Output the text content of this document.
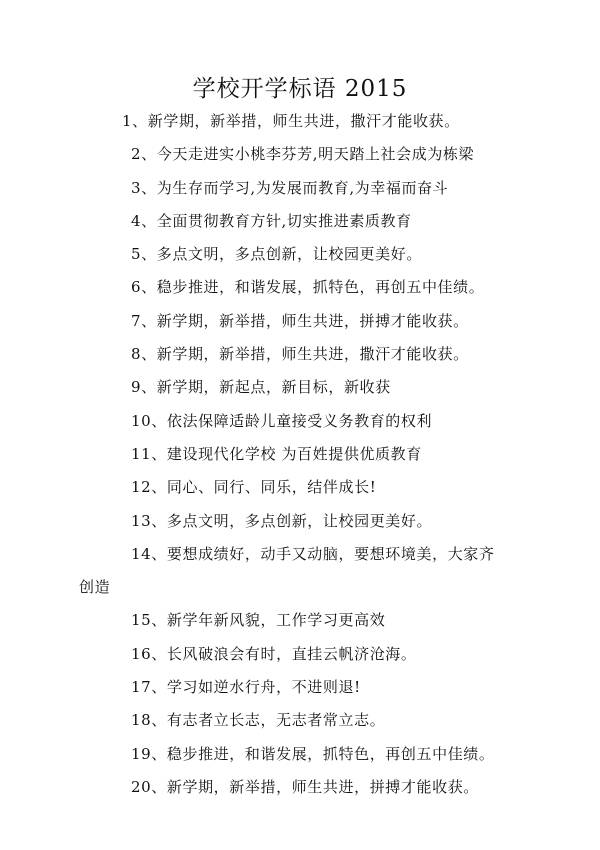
学校开学标语 2015
1、新学期，新举措，师生共进，撒汗才能收获。
2、今天走进实小桃李芬芳,明天踏上社会成为栋梁
3、为生存而学习,为发展而教育,为幸福而奋斗
4、全面贯彻教育方针,切实推进素质教育
5、多点文明，多点创新，让校园更美好。
6、稳步推进，和谐发展，抓特色，再创五中佳绩。
7、新学期，新举措，师生共进，拼搏才能收获。
8、新学期，新举措，师生共进，撒汗才能收获。
9、新学期，新起点，新目标，新收获
10、依法保障适龄儿童接受义务教育的权利
11、建设现代化学校 为百姓提供优质教育
12、同心、同行、同乐，结伴成长!
13、多点文明，多点创新，让校园更美好。
14、要想成绩好，动手又动脑，要想环境美，大家齐
创造
15、新学年新风貌，工作学习更高效
16、长风破浪会有时，直挂云帆济沧海。
17、学习如逆水行舟，不进则退!
18、有志者立长志，无志者常立志。
19、稳步推进，和谐发展，抓特色，再创五中佳绩。
20、新学期，新举措，师生共进，拼搏才能收获。
